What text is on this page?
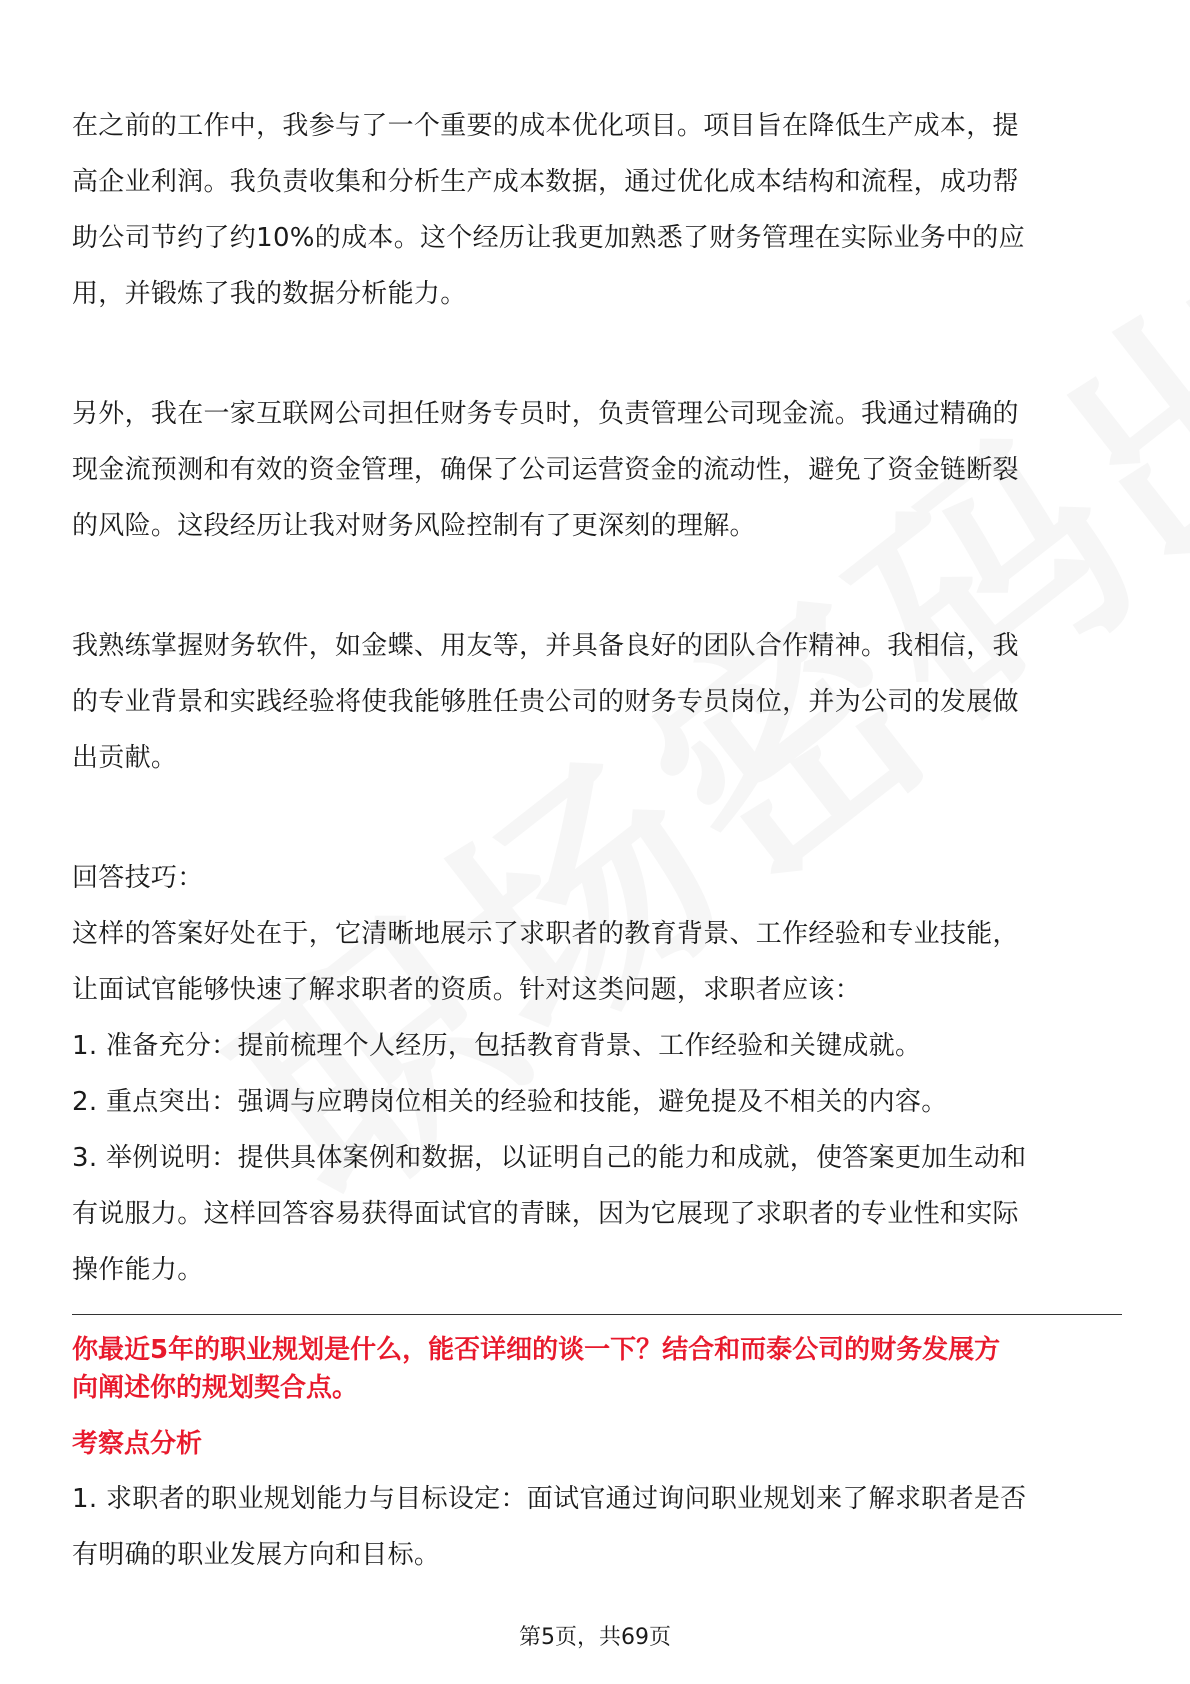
在之前的工作中，我参与了一个重要的成本优化项目。项目旨在降低生产成本，提
高企业利润。我负责收集和分析生产成本数据，通过优化成本结构和流程，成功帮
助公司节约了约10%的成本。这个经历让我更加熟悉了财务管理在实际业务中的应
用，并锻炼了我的数据分析能力。

另外，我在一家互联网公司担任财务专员时，负责管理公司现金流。我通过精确的
现金流预测和有效的资金管理，确保了公司运营资金的流动性，避免了资金链断裂
的风险。这段经历让我对财务风险控制有了更深刻的理解。

我熟练掌握财务软件，如金蝶、用友等，并具备良好的团队合作精神。我相信，我
的专业背景和实践经验将使我能够胜任贵公司的财务专员岗位，并为公司的发展做
出贡献。

回答技巧：
这样的答案好处在于，它清晰地展示了求职者的教育背景、工作经验和专业技能，
让面试官能够快速了解求职者的资质。针对这类问题，求职者应该：
1. 准备充分：提前梳理个人经历，包括教育背景、工作经验和关键成就。
2. 重点突出：强调与应聘岗位相关的经验和技能，避免提及不相关的内容。
3. 举例说明：提供具体案例和数据，以证明自己的能力和成就，使答案更加生动和
有说服力。这样回答容易获得面试官的青睐，因为它展现了求职者的专业性和实际
操作能力。

你最近5年的职业规划是什么，能否详细的谈一下？结合和而泰公司的财务发展方
向阐述你的规划契合点。

考察点分析

1. 求职者的职业规划能力与目标设定：面试官通过询问职业规划来了解求职者是否
有明确的职业发展方向和目标。

第5页，共69页
